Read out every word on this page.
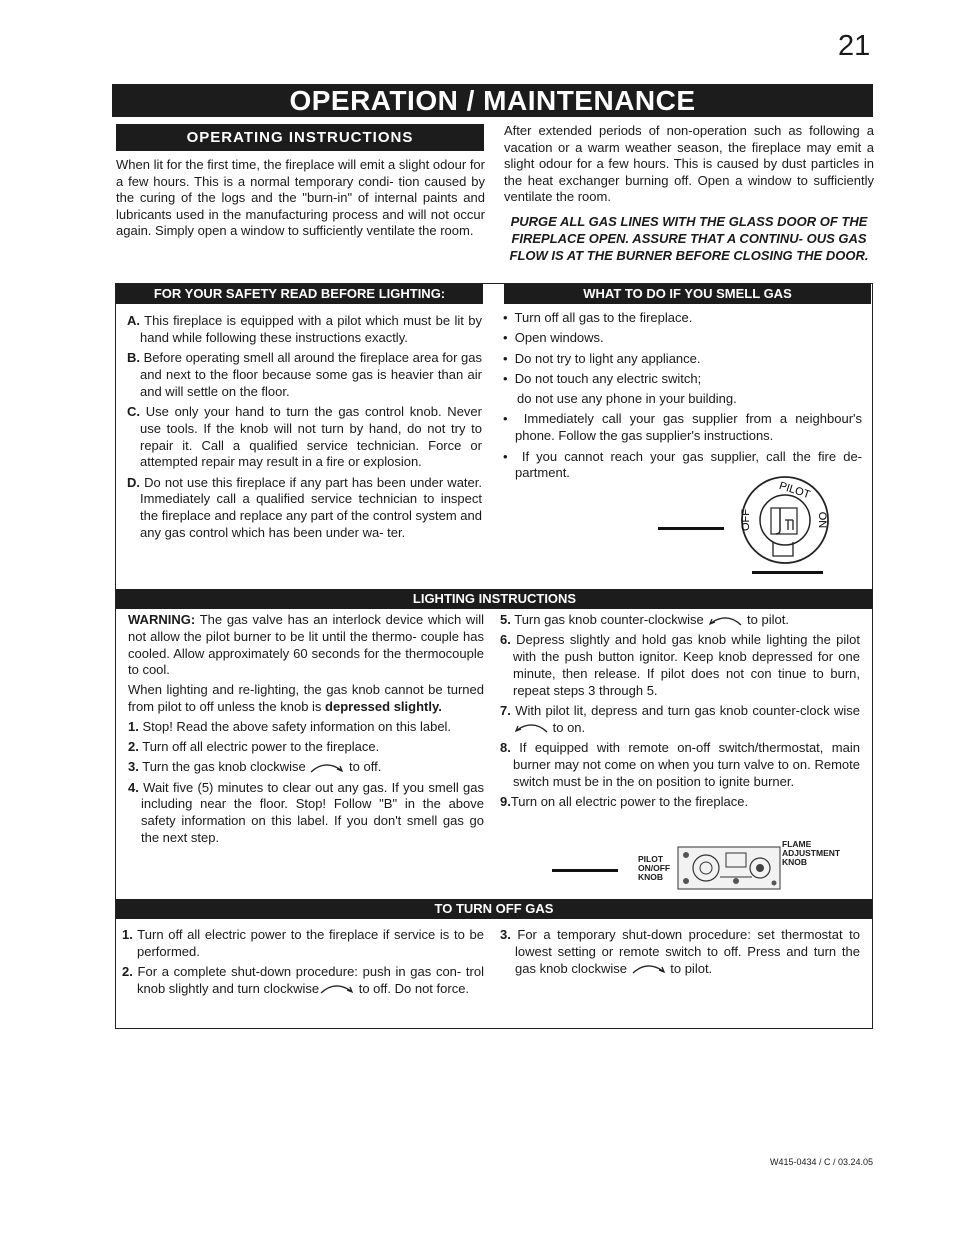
21
OPERATION / MAINTENANCE
OPERATING INSTRUCTIONS
When lit for the first time, the fireplace will emit a slight odour for a few hours. This is a normal temporary condi- tion caused by the curing of the logs and the "burn-in" of internal paints and lubricants used in the manufacturing process and will not occur again. Simply open a window to sufficiently ventilate the room.
After extended periods of non-operation such as following a vacation or a warm weather season, the fireplace may emit a slight odour for a few hours. This is caused by dust particles in the heat exchanger burning off. Open a window to sufficiently ventilate the room.
PURGE ALL GAS LINES WITH THE GLASS DOOR OF THE FIREPLACE OPEN. ASSURE THAT A CONTINU- OUS GAS FLOW IS AT THE BURNER BEFORE CLOSING THE DOOR.
FOR YOUR SAFETY READ BEFORE LIGHTING:	WHAT TO DO IF YOU SMELL GAS
A. This fireplace is equipped with a pilot which must be lit by hand while following these instructions exactly.
B. Before operating smell all around the fireplace area for gas and next to the floor because some gas is heavier than air and will settle on the floor.
C. Use only your hand to turn the gas control knob. Never use tools. If the knob will not turn by hand, do not try to repair it. Call a qualified service technician. Force or attempted repair may result in a fire or explosion.
D. Do not use this fireplace if any part has been under water. Immediately call a qualified service technician to inspect the fireplace and replace any part of the control system and any gas control which has been under wa- ter.
•  Turn off all gas to the fireplace.
•  Open windows.
•  Do not try to light any appliance.
•  Do not touch any electric switch;
do not use any phone in your building.
•  Immediately call your gas supplier from a neighbour's phone. Follow the gas supplier's instructions.
•  If you cannot reach your gas supplier, call the fire de- partment.
PILOT
OFF	ON
LIGHTING INSTRUCTIONS
WARNING: The gas valve has an interlock device which will not allow the pilot burner to be lit until the thermo- couple has cooled. Allow approximately 60 seconds for the thermocouple to cool.
When lighting and re-lighting, the gas knob cannot be turned from pilot to off unless the knob is depressed slightly.
1. Stop! Read the above safety information on this label.
2. Turn off all electric power to the fireplace.
3. Turn the gas knob clockwise	to off.
4. Wait five (5) minutes to clear out any gas. If you smell gas including near the floor. Stop! Follow "B" in the above safety information on this label. If you don't smell gas go the next step.
5. Turn gas knob counter-clockwise	to pilot.
6. Depress slightly and hold gas knob while lighting the pilot with the push button ignitor. Keep knob depressed for one minute, then release. If pilot does not con tinue to burn, repeat steps 3 through 5.
7. With pilot lit, depress and turn gas knob counter-clock wise  to on.
8. If equipped with remote on-off switch/thermostat, main burner may not come on when you turn valve to on. Remote switch must be in the on position to ignite burner.
9.Turn on all electric power to the fireplace.
PILOT ON/OFF KNOB
FLAME ADJUSTMENT KNOB
TO TURN OFF GAS
1. Turn off all electric power to the fireplace if service is to be performed.
2. For a complete shut-down procedure: push in gas con- trol knob slightly and turn clockwise	to off. Do not force.
3. For a temporary shut-down procedure: set thermostat to lowest setting or remote switch to off. Press and turn the gas knob clockwise	to pilot.
W415-0434 / C / 03.24.05
